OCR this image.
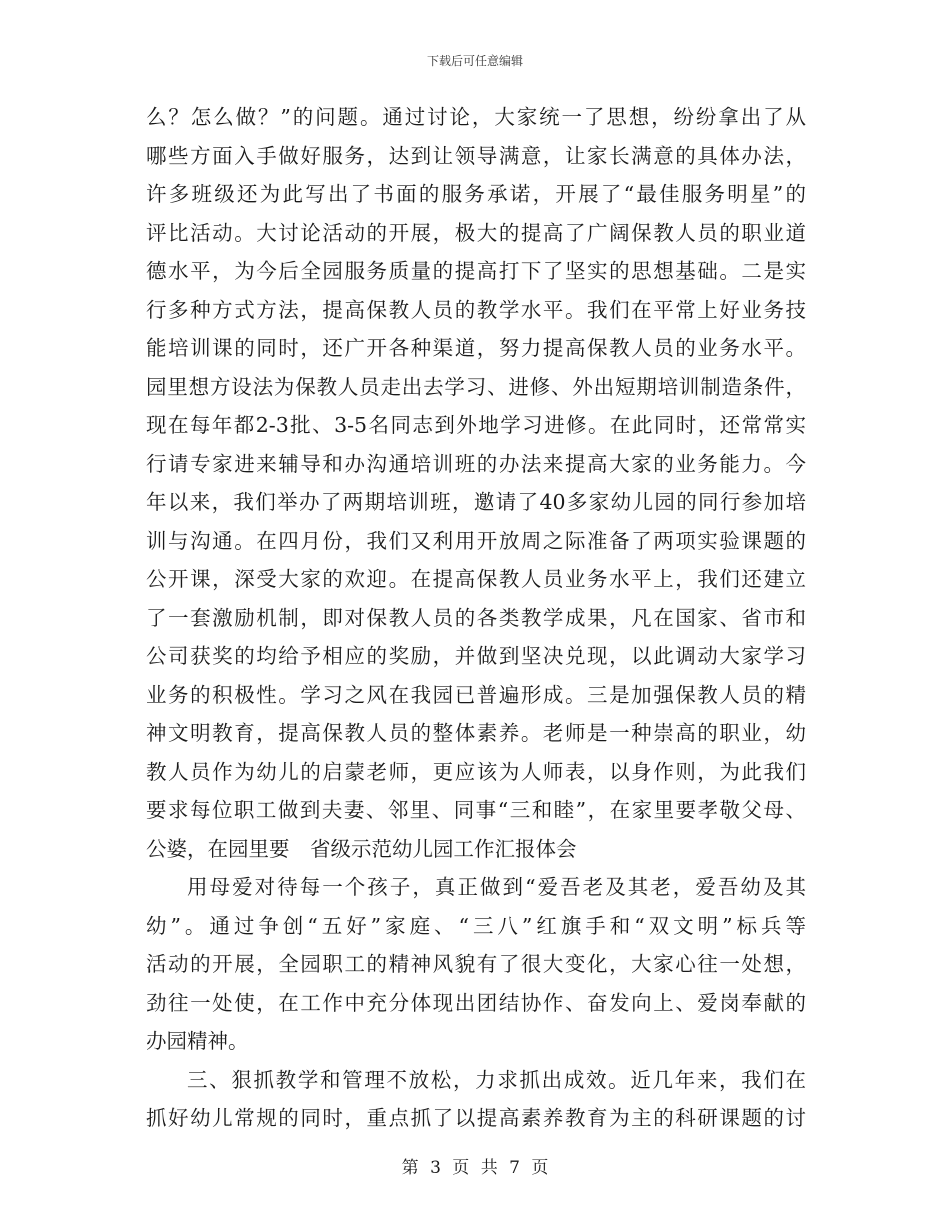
下载后可任意编辑
么？怎么做？”的问题。通过讨论，大家统一了思想，纷纷拿出了从
哪些方面入手做好服务，达到让领导满意，让家长满意的具体办法，
许多班级还为此写出了书面的服务承诺，开展了“最佳服务明星”的
评比活动。大讨论活动的开展，极大的提高了广阔保教人员的职业道
德水平，为今后全园服务质量的提高打下了坚实的思想基础。二是实
行多种方式方法，提高保教人员的教学水平。我们在平常上好业务技
能培训课的同时，还广开各种渠道，努力提高保教人员的业务水平。
园里想方设法为保教人员走出去学习、进修、外出短期培训制造条件，
现在每年都2-3批、3-5名同志到外地学习进修。在此同时，还常常实
行请专家进来辅导和办沟通培训班的办法来提高大家的业务能力。今
年以来，我们举办了两期培训班，邀请了40多家幼儿园的同行参加培
训与沟通。在四月份，我们又利用开放周之际准备了两项实验课题的
公开课，深受大家的欢迎。在提高保教人员业务水平上，我们还建立
了一套激励机制，即对保教人员的各类教学成果，凡在国家、省市和
公司获奖的均给予相应的奖励，并做到坚决兑现，以此调动大家学习
业务的积极性。学习之风在我园已普遍形成。三是加强保教人员的精
神文明教育，提高保教人员的整体素养。老师是一种崇高的职业，幼
教人员作为幼儿的启蒙老师，更应该为人师表，以身作则，为此我们
要求每位职工做到夫妻、邻里、同事“三和睦”，在家里要孝敬父母、
公婆，在园里要　省级示范幼儿园工作汇报体会
用母爱对待每一个孩子，真正做到“爱吾老及其老，爱吾幼及其
幼”。通过争创“五好”家庭、“三八”红旗手和“双文明”标兵等
活动的开展，全园职工的精神风貌有了很大变化，大家心往一处想，
劲往一处使，在工作中充分体现出团结协作、奋发向上、爱岗奉献的
办园精神。
三、狠抓教学和管理不放松，力求抓出成效。近几年来，我们在
抓好幼儿常规的同时，重点抓了以提高素养教育为主的科研课题的讨
第 3 页 共 7 页
